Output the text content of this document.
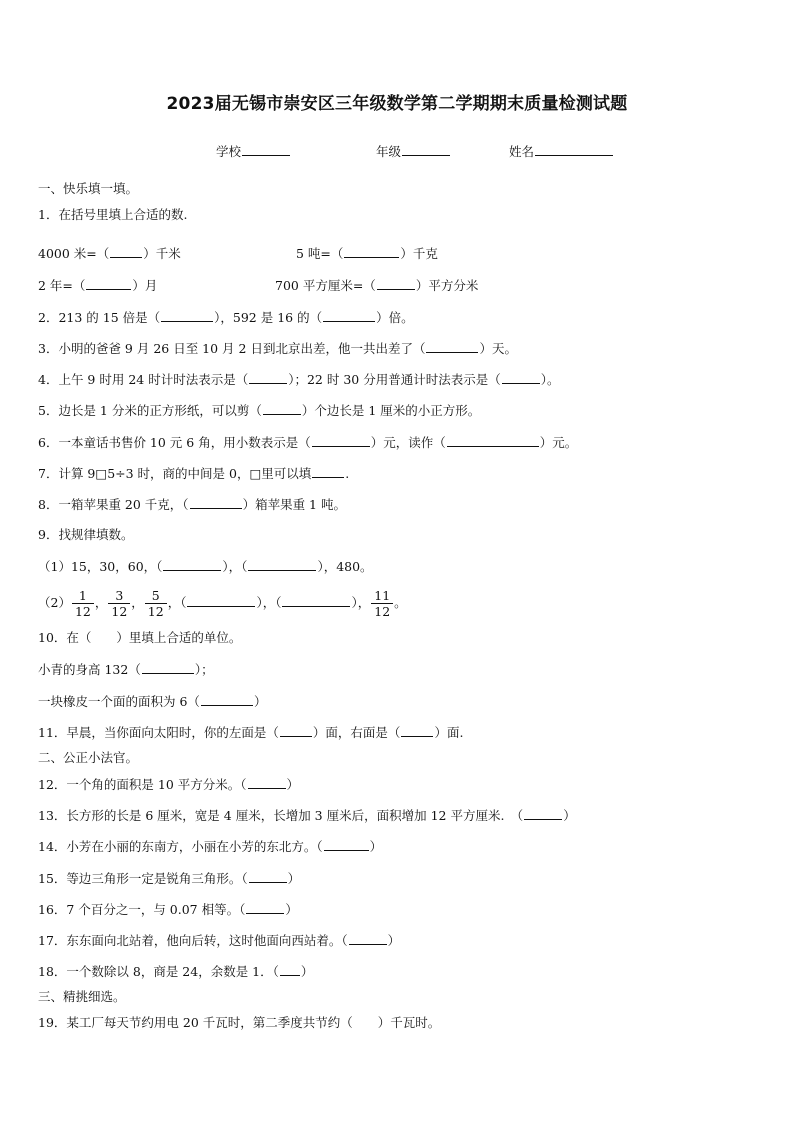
2023届无锡市崇安区三年级数学第二学期期末质量检测试题
学校	年级	姓名
一、快乐填一填。
1．在括号里填上合适的数.
4000 米=（	）千米	5 吨=（	）千克
2 年=（	）月	700 平方厘米=（	）平方分米
2．213 的 15 倍是（	），592 是 16 的（	）倍。
3．小明的爸爸 9 月 26 日至 10 月 2 日到北京出差，他一共出差了（	）天。
4．上午 9 时用 24 时计时法表示是（	）；22 时 30 分用普通计时法表示是（	）。
5．边长是 1 分米的正方形纸，可以剪（	）个边长是 1 厘米的小正方形。
6．一本童话书售价 10 元 6 角，用小数表示是（	）元，读作（	）元。
7．计算 9□5÷3 时，商的中间是 0，□里可以填	.
8．一箱苹果重 20 千克，（	）箱苹果重 1 吨。
9．找规律填数。
（1）15，30，60，（	），（	），480。
$(2) \frac{1}{12}$ ， $\frac{3}{12}$ ， $\frac{5}{12}$ ，（	），（	）， $\frac{11}{12}$ 。
10．在（　　）里填上合适的单位。
小青的身高 132（	）；
一块橡皮一个面的面积为 6（	）
11．早晨，当你面向太阳时，你的左面是（	）面，右面是（	）面.
二、公正小法官。
12．一个角的面积是 10 平方分米。（	）
13．长方形的长是 6 厘米，宽是 4 厘米，长增加 3 厘米后，面积增加 12 平方厘米.　（	）
14．小芳在小丽的东南方，小丽在小芳的东北方。（	）
15．等边三角形一定是锐角三角形。（	）
16．7 个百分之一，与 0.07 相等。（	）
17．东东面向北站着，他向后转，这时他面向西站着。（	）
18．一个数除以 8，商是 24，余数是 1．（ ）
三、精挑细选。
19．某工厂每天节约用电 20 千瓦时，第二季度共节约（　　）千瓦时。
